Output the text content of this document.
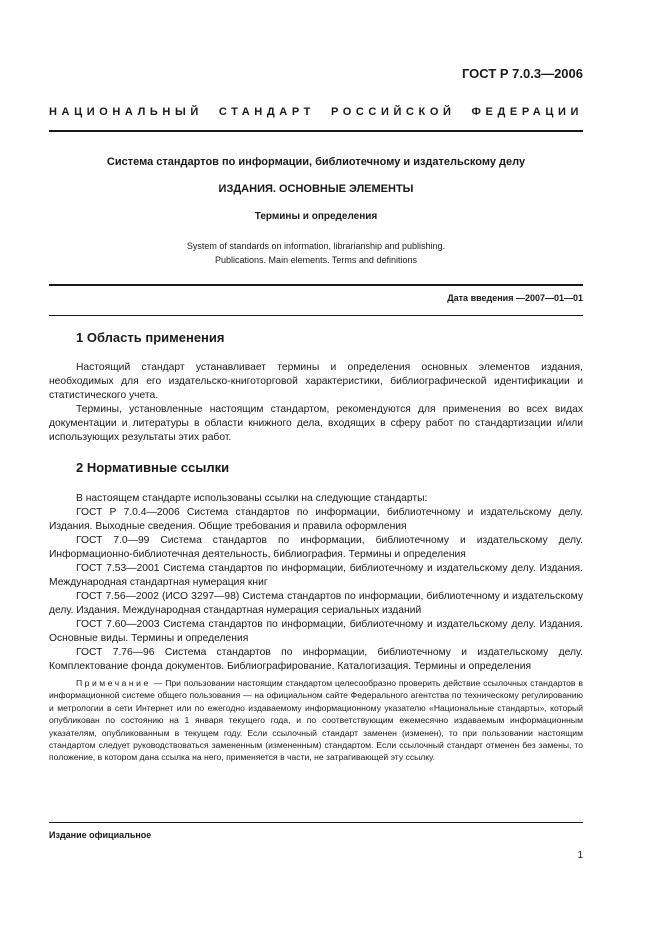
ГОСТ Р 7.0.3—2006
НАЦИОНАЛЬНЫЙ СТАНДАРТ РОССИЙСКОЙ ФЕДЕРАЦИИ
Система стандартов по информации, библиотечному и издательскому делу
ИЗДАНИЯ. ОСНОВНЫЕ ЭЛЕМЕНТЫ
Термины и определения
System of standards on information, librarianship and publishing.
Publications. Main elements. Terms and definitions
Дата введения —2007—01—01
1 Область применения

Настоящий стандарт устанавливает термины и определения основных элементов издания, необходимых для его издательско-книготорговой характеристики, библиографической идентификации и статистического учета.

Термины, установленные настоящим стандартом, рекомендуются для применения во всех видах документации и литературы в области книжного дела, входящих в сферу работ по стандартизации и/или использующих результаты этих работ.

2 Нормативные ссылки

В настоящем стандарте использованы ссылки на следующие стандарты:

ГОСТ Р 7.0.4—2006 Система стандартов по информации, библиотечному и издательскому делу. Издания. Выходные сведения. Общие требования и правила оформления

ГОСТ 7.0—99 Система стандартов по информации, библиотечному и издательскому делу. Информационно-библиотечная деятельность, библиография. Термины и определения

ГОСТ 7.53—2001 Система стандартов по информации, библиотечному и издательскому делу. Издания. Международная стандартная нумерация книг

ГОСТ 7.56—2002 (ИСО 3297—98) Система стандартов по информации, библиотечному и издательскому делу. Издания. Международная стандартная нумерация сериальных изданий

ГОСТ 7.60—2003 Система стандартов по информации, библиотечному и издательскому делу. Издания. Основные виды. Термины и определения

ГОСТ 7.76—96 Система стандартов по информации, библиотечному и издательскому делу. Комплектование фонда документов. Библиографирование. Каталогизация. Термины и определения

Примечание — При пользовании настоящим стандартом целесообразно проверить действие ссылочных стандартов в информационной системе общего пользования — на официальном сайте Федерального агентства по техническому регулированию и метрологии в сети Интернет или по ежегодно издаваемому информационному указателю «Национальные стандарты», который опубликован по состоянию на 1 января текущего года, и по соответствующим ежемесячно издаваемым информационным указателям, опубликованным в текущем году. Если ссылочный стандарт заменен (изменен), то при пользовании настоящим стандартом следует руководствоваться замененным (измененным) стандартом. Если ссылочный стандарт отменен без замены, то положение, в котором дана ссылка на него, применяется в части, не затрагивающей эту ссылку.

Издание официальное
1
